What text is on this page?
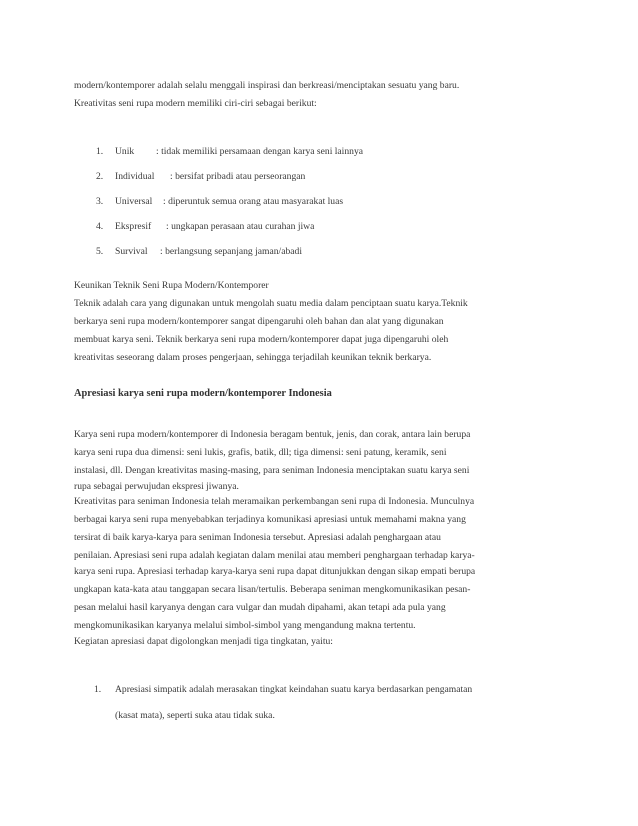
modern/kontemporer adalah selalu menggali inspirasi dan berkreasi/menciptakan sesuatu yang baru.
Kreativitas seni rupa modern memiliki ciri-ciri sebagai berikut:
1. Unik : tidak memiliki persamaan dengan karya seni lainnya
2. Individual : bersifat pribadi atau perseorangan
3. Universal : diperuntuk semua orang atau masyarakat luas
4. Ekspresif : ungkapan perasaan atau curahan jiwa
5. Survival : berlangsung sepanjang jaman/abadi
Keunikan Teknik Seni Rupa Modern/Kontemporer
Teknik adalah cara yang digunakan untuk mengolah suatu media dalam penciptaan suatu karya.Teknik
berkarya seni rupa modern/kontemporer sangat dipengaruhi oleh bahan dan alat yang digunakan
membuat karya seni. Teknik berkarya seni rupa modern/kontemporer dapat juga dipengaruhi oleh
kreativitas seseorang dalam proses pengerjaan, sehingga terjadilah keunikan teknik berkarya.
Apresiasi karya seni rupa modern/kontemporer Indonesia
Karya seni rupa modern/kontemporer di Indonesia beragam bentuk, jenis, dan corak, antara lain berupa
karya seni rupa dua dimensi: seni lukis, grafis, batik, dll; tiga dimensi: seni patung, keramik, seni
instalasi, dll. Dengan kreativitas masing-masing, para seniman Indonesia menciptakan suatu karya seni
rupa sebagai perwujudan ekspresi jiwanya.
Kreativitas para seniman Indonesia telah meramaikan perkembangan seni rupa di Indonesia. Munculnya
berbagai karya seni rupa menyebabkan terjadinya komunikasi apresiasi untuk memahami makna yang
tersirat di baik karya-karya para seniman Indonesia tersebut. Apresiasi adalah penghargaan atau
penilaian. Apresiasi seni rupa adalah kegiatan dalam menilai atau memberi penghargaan terhadap karya-
karya seni rupa. Apresiasi terhadap karya-karya seni rupa dapat ditunjukkan dengan sikap empati berupa
ungkapan kata-kata atau tanggapan secara lisan/tertulis. Beberapa seniman mengkomunikasikan pesan-
pesan melalui hasil karyanya dengan cara vulgar dan mudah dipahami, akan tetapi ada pula yang
mengkomunikasikan karyanya melalui simbol-simbol yang mengandung makna tertentu.
Kegiatan apresiasi dapat digolongkan menjadi tiga tingkatan, yaitu:
1. Apresiasi simpatik adalah merasakan tingkat keindahan suatu karya berdasarkan pengamatan
(kasat mata), seperti suka atau tidak suka.
